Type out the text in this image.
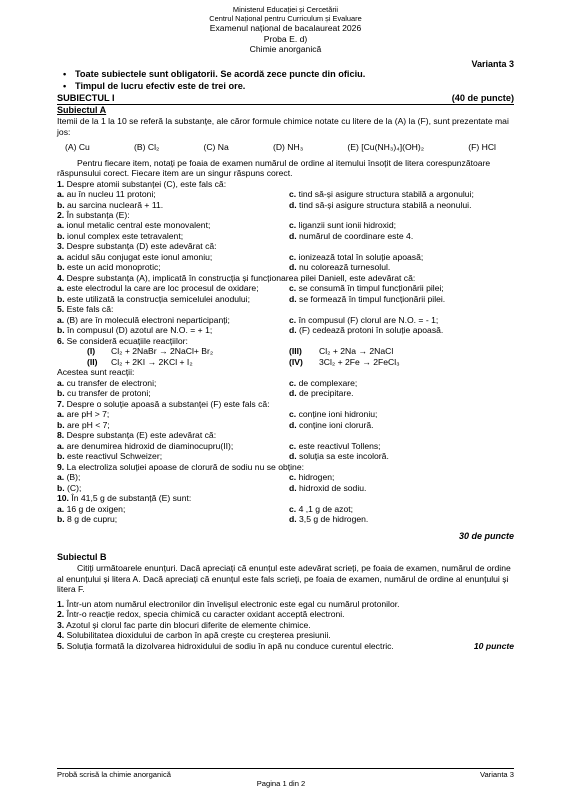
Ministerul Educației și Cercetării
Centrul Național pentru Curriculum și Evaluare
Examenul național de bacalaureat 2026
Proba E. d)
Chimie anorganică
Varianta 3
• Toate subiectele sunt obligatorii. Se acordă zece puncte din oficiu.
• Timpul de lucru efectiv este de trei ore.
SUBIECTUL I	(40 de puncte)
Subiectul A

Itemii de la 1 la 10 se referă la substanțe, ale căror formule chimice notate cu litere de la (A) la (F), sunt prezentate mai jos:

(A) Cu	(B) Cl₂	(C) Na	(D) NH₃	(E) [Cu(NH₃)₄](OH)₂	(F) HCl

Pentru fiecare item, notați pe foaia de examen numărul de ordine al itemului însoțit de litera corespunzătoare răspunsului corect. Fiecare item are un singur răspuns corect.

1. Despre atomii substanței (C), este fals că:

a. au în nucleu 11 protoni;	c. tind să-și asigure structura stabilă a argonului;
b. au sarcina nucleară + 11.	d. tind să-și asigure structura stabilă a neonului.

2. În substanța (E):

a. ionul metalic central este monovalent;	c. liganzii sunt ionii hidroxid;
b. ionul complex este tetravalent;	d. numărul de coordinare este 4.

3. Despre substanța (D) este adevărat că:

a. acidul său conjugat este ionul amoniu;	c. ionizează total în soluție apoasă;
b. este un acid monoprotic;	d. nu colorează turnesolul.

4. Despre substanța (A), implicată în construcția și funcționarea pilei Daniell, este adevărat că:

a. este electrodul la care are loc procesul de oxidare;	c. se consumă în timpul funcționării pilei;
b. este utilizată la construcția semicelulei anodului;	d. se formează în timpul funcționării pilei.

5. Este fals că:

a. (B) are în moleculă electroni neparticipanți;	c. în compusul (F) clorul are N.O. = - 1;
b. în compusul (D) azotul are N.O. = + 1;	d. (F) cedează protoni în soluție apoasă.

6. Se consideră ecuațiile reacțiilor:

(I)	Cl₂ + 2NaBr → 2NaCl+ Br₂	(III)	Cl₂ + 2Na → 2NaCl
(II)	Cl₂ + 2KI → 2KCl + I₂	(IV)	3Cl₂ + 2Fe → 2FeCl₃

Acestea sunt reacții:

a. cu transfer de electroni;	c. de complexare;
b. cu transfer de protoni;	d. de precipitare.

7. Despre o soluție apoasă a substanței (F) este fals că:

a. are pH > 7;	c. conține ioni hidroniu;
b. are pH < 7;	d. conține ioni clorură.

8. Despre substanța (E) este adevărat că:

a. are denumirea hidroxid de diaminocupru(II);	c. este reactivul Tollens;
b. este reactivul Schweizer;	d. soluția sa este incoloră.

9. La electroliza soluției apoase de clorură de sodiu nu se obține:

a. (B);	c. hidrogen;
b. (C);	d. hidroxid de sodiu.

10. În 41,5 g de substanță (E) sunt:

a. 16 g de oxigen;	c. 4 ,1 g de azot;
b. 8 g de cupru;	d. 3,5 g de hidrogen.
30 de puncte
Subiectul B

Citiți următoarele enunțuri. Dacă apreciați că enunțul este adevărat scrieți, pe foaia de examen, numărul de ordine al enunțului și litera A. Dacă apreciați că enunțul este fals scrieți, pe foaia de examen, numărul de ordine al enunțului și litera F.

1. Într-un atom numărul electronilor din învelișul electronic este egal cu numărul protonilor.

2. Într-o reacție redox, specia chimică cu caracter oxidant acceptă electroni.

3. Azotul și clorul fac parte din blocuri diferite de elemente chimice.

4. Solubilitatea dioxidului de carbon în apă crește cu creșterea presiunii.

5. Soluția formată la dizolvarea hidroxidului de sodiu în apă nu conduce curentul electric.	10 puncte

Probă scrisă la chimie anorganică	Varianta 3
Pagina 1 din 2
